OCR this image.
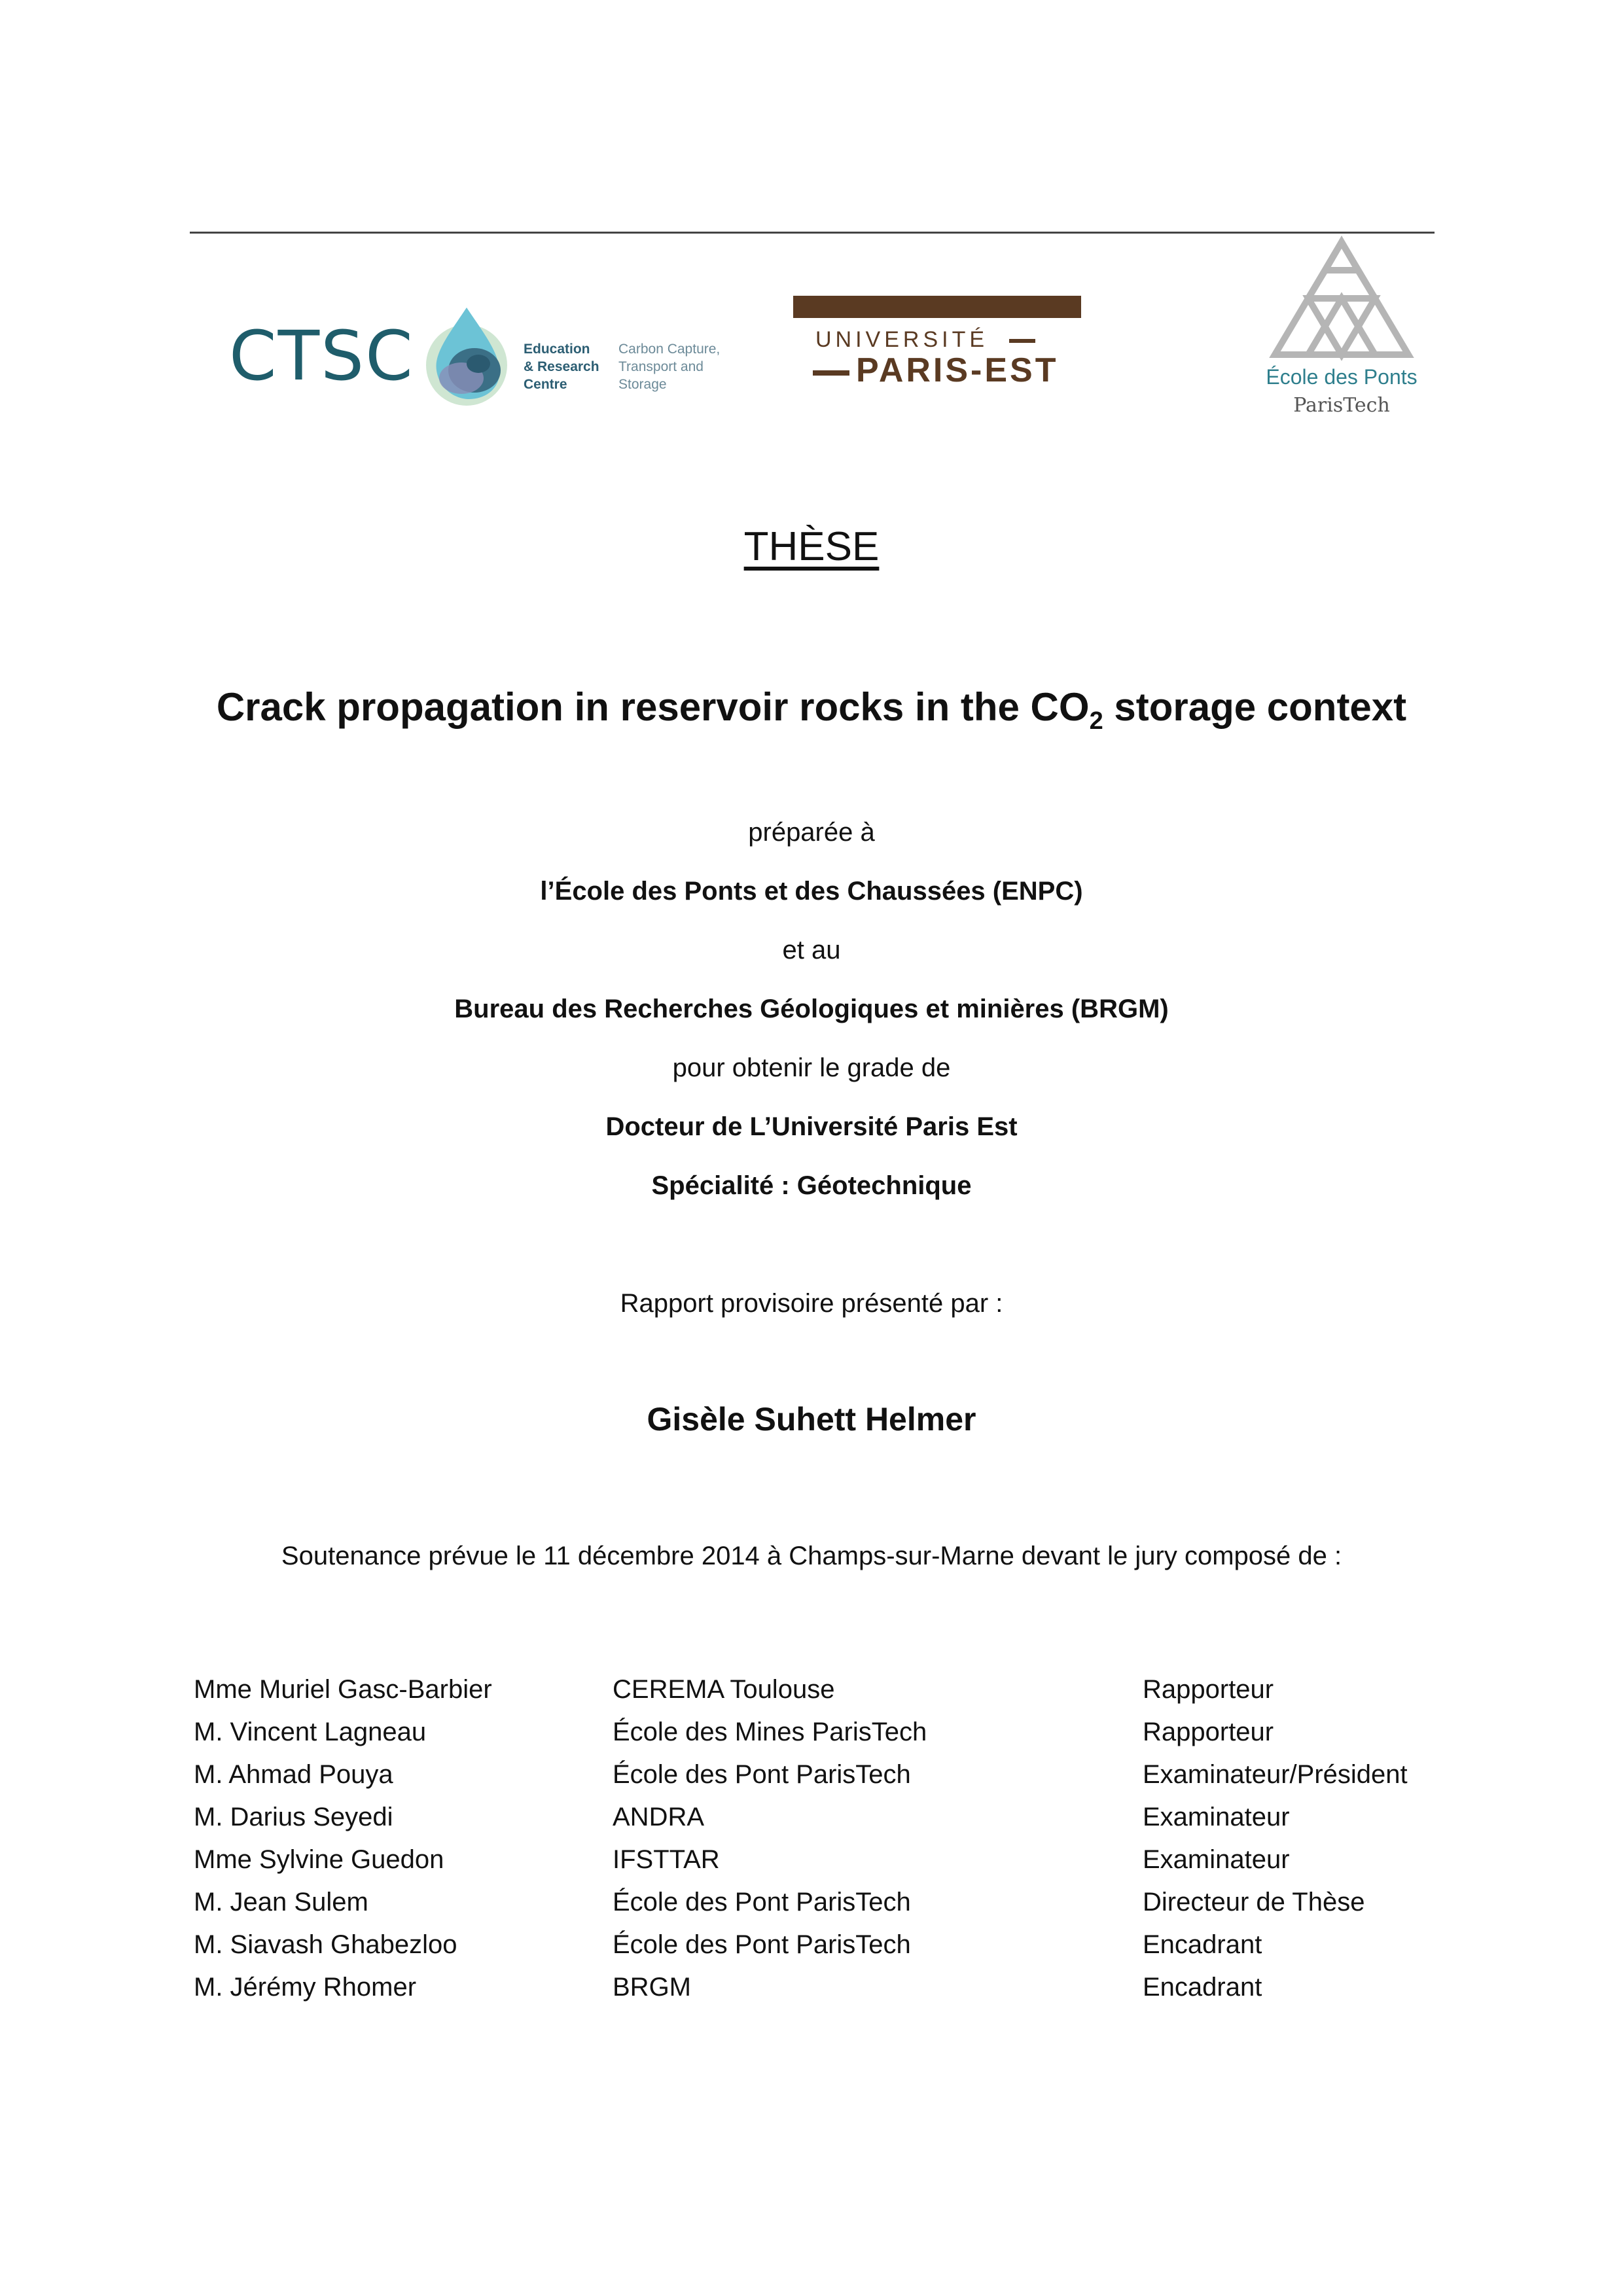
CTSC	Education
& Research
Centre
Carbon Capture,
Transport and
Storage
UNIVERSITÉ
PARIS-EST	École des Ponts
ParisTech
THÈSE
Crack propagation in reservoir rocks in the $CO_2$ storage context
préparée à
l’École des Ponts et des Chaussées (ENPC)
et au
Bureau des Recherches Géologiques et minières (BRGM)
pour obtenir le grade de
Docteur de L’Université Paris Est
Spécialité : Géotechnique
Rapport provisoire présenté par :
Gisèle Suhett Helmer
Soutenance prévue le 11 décembre 2014 à Champs-sur-Marne devant le jury composé de :
Mme Muriel Gasc-Barbier	CEREMA Toulouse	Rapporteur
M. Vincent Lagneau	École des Mines ParisTech	Rapporteur
M. Ahmad Pouya	École des Pont ParisTech	Examinateur/Président
M. Darius Seyedi	ANDRA	Examinateur
Mme Sylvine Guedon	IFSTTAR	Examinateur
M. Jean Sulem	École des Pont ParisTech	Directeur de Thèse
M. Siavash Ghabezloo	École des Pont ParisTech	Encadrant
M. Jérémy Rhomer	BRGM	Encadrant
